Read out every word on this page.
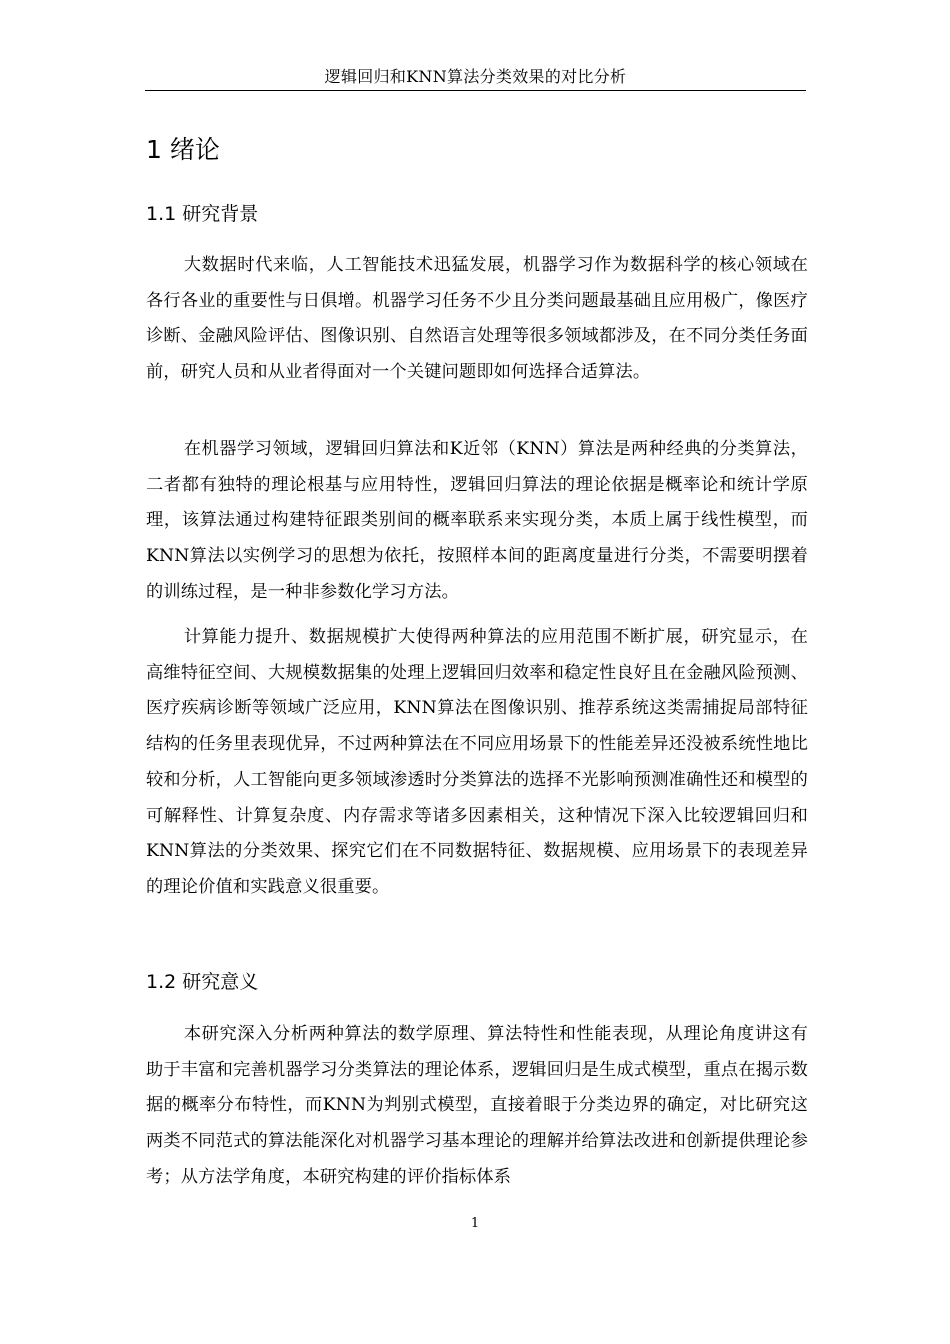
逻辑回归和KNN算法分类效果的对比分析
1 绪论
1.1 研究背景

大数据时代来临，人工智能技术迅猛发展，机器学习作为数据科学的核心领域在各行各业的重要性与日俱增。机器学习任务不少且分类问题最基础且应用极广，像医疗诊断、金融风险评估、图像识别、自然语言处理等很多领域都涉及，在不同分类任务面前，研究人员和从业者得面对一个关键问题即如何选择合适算法。

在机器学习领域，逻辑回归算法和K近邻（KNN）算法是两种经典的分类算法，二者都有独特的理论根基与应用特性，逻辑回归算法的理论依据是概率论和统计学原理，该算法通过构建特征跟类别间的概率联系来实现分类，本质上属于线性模型，而KNN算法以实例学习的思想为依托，按照样本间的距离度量进行分类，不需要明摆着的训练过程，是一种非参数化学习方法。

计算能力提升、数据规模扩大使得两种算法的应用范围不断扩展，研究显示，在高维特征空间、大规模数据集的处理上逻辑回归效率和稳定性良好且在金融风险预测、医疗疾病诊断等领域广泛应用，KNN算法在图像识别、推荐系统这类需捕捉局部特征结构的任务里表现优异，不过两种算法在不同应用场景下的性能差异还没被系统性地比较和分析，人工智能向更多领域渗透时分类算法的选择不光影响预测准确性还和模型的可解释性、计算复杂度、内存需求等诸多因素相关，这种情况下深入比较逻辑回归和KNN算法的分类效果、探究它们在不同数据特征、数据规模、应用场景下的表现差异的理论价值和实践意义很重要。

1.2 研究意义

本研究深入分析两种算法的数学原理、算法特性和性能表现，从理论角度讲这有助于丰富和完善机器学习分类算法的理论体系，逻辑回归是生成式模型，重点在揭示数据的概率分布特性，而KNN为判别式模型，直接着眼于分类边界的确定，对比研究这两类不同范式的算法能深化对机器学习基本理论的理解并给算法改进和创新提供理论参考；从方法学角度，本研究构建的评价指标体系

1
